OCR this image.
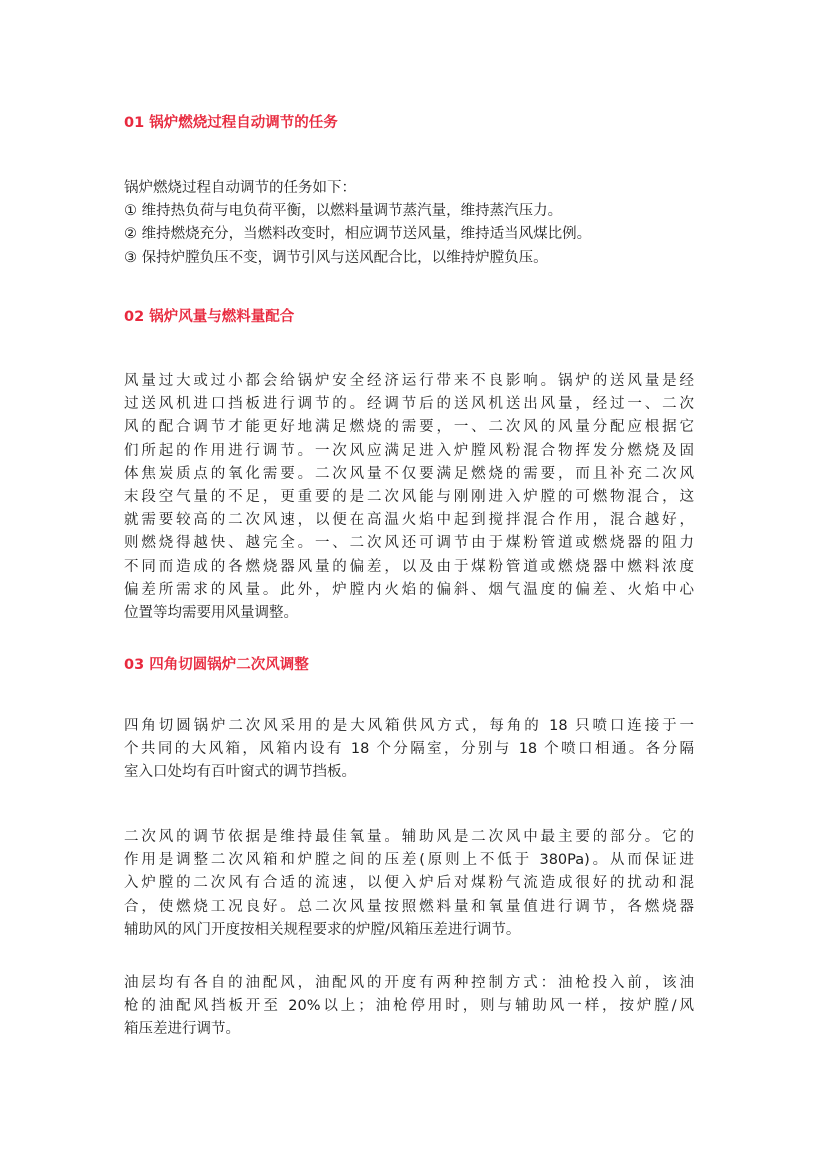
01 锅炉燃烧过程自动调节的任务
锅炉燃烧过程自动调节的任务如下：
① 维持热负荷与电负荷平衡，以燃料量调节蒸汽量，维持蒸汽压力。
② 维持燃烧充分，当燃料改变时，相应调节送风量，维持适当风煤比例。
③ 保持炉膛负压不变，调节引风与送风配合比，以维持炉膛负压。
02 锅炉风量与燃料量配合
风量过大或过小都会给锅炉安全经济运行带来不良影响。锅炉的送风量是经
过送风机进口挡板进行调节的。经调节后的送风机送出风量，经过一、二次
风的配合调节才能更好地满足燃烧的需要，一、二次风的风量分配应根据它
们所起的作用进行调节。一次风应满足进入炉膛风粉混合物挥发分燃烧及固
体焦炭质点的氧化需要。二次风量不仅要满足燃烧的需要，而且补充二次风
末段空气量的不足，更重要的是二次风能与刚刚进入炉膛的可燃物混合，这
就需要较高的二次风速，以便在高温火焰中起到搅拌混合作用，混合越好，
则燃烧得越快、越完全。一、二次风还可调节由于煤粉管道或燃烧器的阻力
不同而造成的各燃烧器风量的偏差，以及由于煤粉管道或燃烧器中燃料浓度
偏差所需求的风量。此外，炉膛内火焰的偏斜、烟气温度的偏差、火焰中心
位置等均需要用风量调整。
03 四角切圆锅炉二次风调整
四角切圆锅炉二次风采用的是大风箱供风方式，每角的 18 只喷口连接于一
个共同的大风箱，风箱内设有 18 个分隔室，分别与 18 个喷口相通。各分隔
室入口处均有百叶窗式的调节挡板。
二次风的调节依据是维持最佳氧量。辅助风是二次风中最主要的部分。它的
作用是调整二次风箱和炉膛之间的压差(原则上不低于 380Pa)。从而保证进
入炉膛的二次风有合适的流速，以便入炉后对煤粉气流造成很好的扰动和混
合，使燃烧工况良好。总二次风量按照燃料量和氧量值进行调节，各燃烧器
辅助风的风门开度按相关规程要求的炉膛/风箱压差进行调节。
油层均有各自的油配风，油配风的开度有两种控制方式：油枪投入前，该油
枪的油配风挡板开至 20%以上；油枪停用时，则与辅助风一样，按炉膛/风
箱压差进行调节。
